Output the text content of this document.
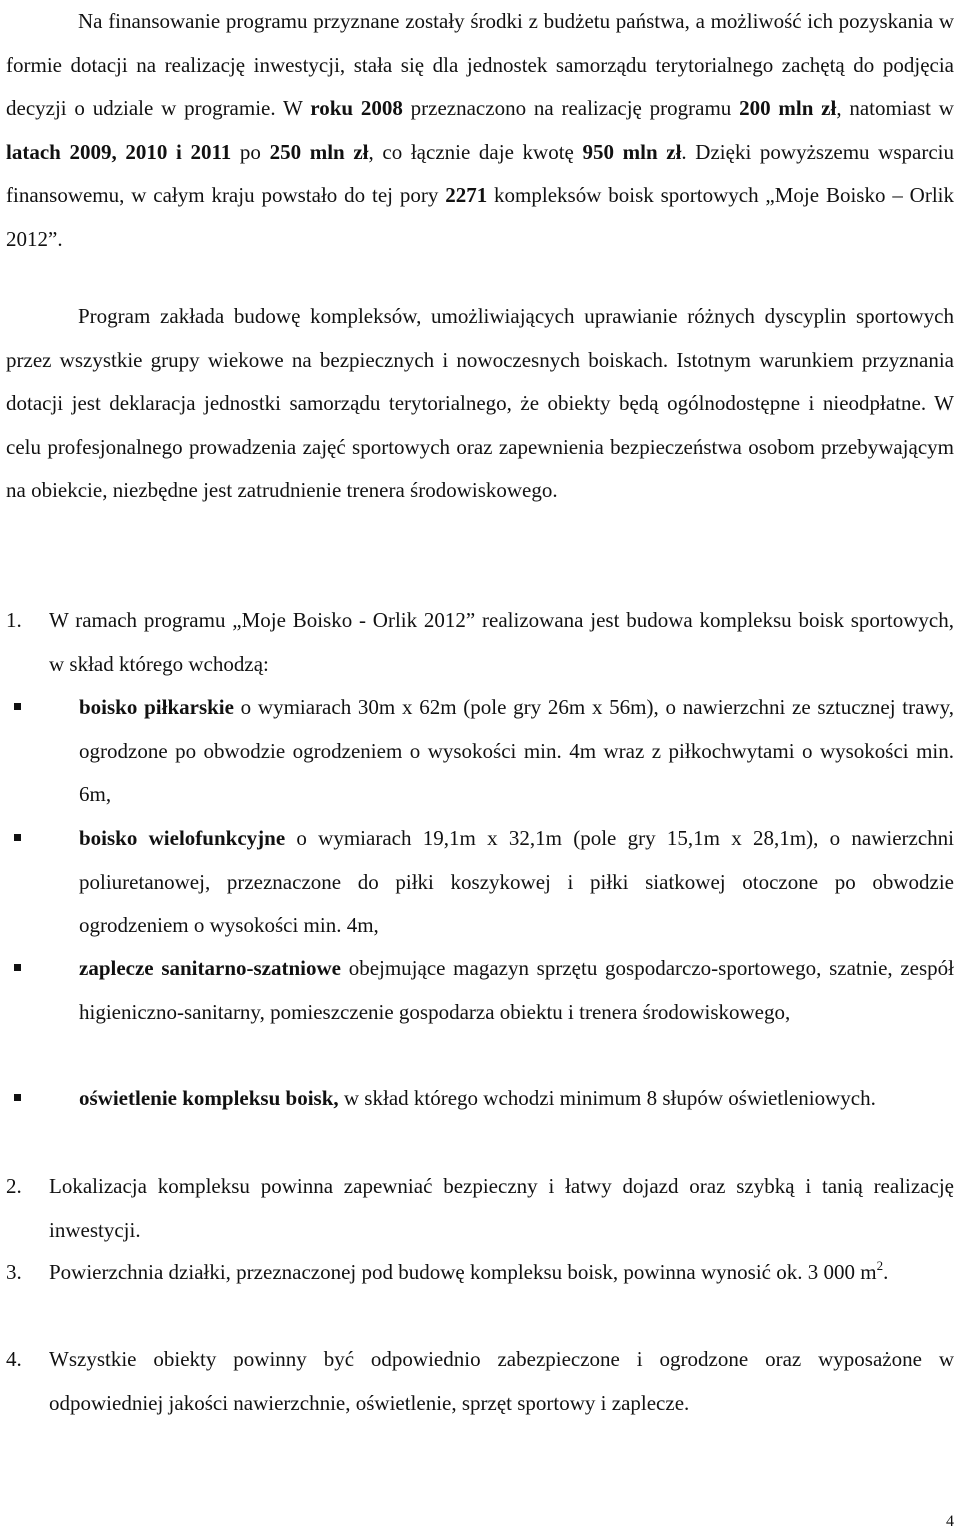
Na finansowanie programu przyznane zostały środki z budżetu państwa, a możliwość ich pozyskania w formie dotacji na realizację inwestycji, stała się dla jednostek samorządu terytorialnego zachętą do podjęcia decyzji o udziale w programie. W roku 2008 przeznaczono na realizację programu 200 mln zł, natomiast w latach 2009, 2010 i 2011 po 250 mln zł, co łącznie daje kwotę 950 mln zł. Dzięki powyższemu wsparciu finansowemu, w całym kraju powstało do tej pory 2271 kompleksów boisk sportowych „Moje Boisko – Orlik 2012”.

Program zakłada budowę kompleksów, umożliwiających uprawianie różnych dyscyplin sportowych przez wszystkie grupy wiekowe na bezpiecznych i nowoczesnych boiskach. Istotnym warunkiem przyznania dotacji jest deklaracja jednostki samorządu terytorialnego, że obiekty będą ogólnodostępne i nieodpłatne. W celu profesjonalnego prowadzenia zajęć sportowych oraz zapewnienia bezpieczeństwa osobom przebywającym na obiekcie, niezbędne jest zatrudnienie trenera środowiskowego.

1. W ramach programu „Moje Boisko - Orlik 2012” realizowana jest budowa kompleksu boisk sportowych, w skład którego wchodzą:
boisko piłkarskie o wymiarach 30m x 62m (pole gry 26m x 56m), o nawierzchni ze sztucznej trawy, ogrodzone po obwodzie ogrodzeniem o wysokości min. 4m wraz z piłkochwytami o wysokości min. 6m,
boisko wielofunkcyjne o wymiarach 19,1m x 32,1m (pole gry 15,1m x 28,1m), o nawierzchni poliuretanowej, przeznaczone do piłki koszykowej i piłki siatkowej otoczone po obwodzie ogrodzeniem o wysokości min. 4m,
zaplecze sanitarno-szatniowe obejmujące magazyn sprzętu gospodarczo-sportowego, szatnie, zespół higieniczno-sanitarny, pomieszczenie gospodarza obiektu i trenera środowiskowego,
oświetlenie kompleksu boisk, w skład którego wchodzi minimum 8 słupów oświetleniowych.
2. Lokalizacja kompleksu powinna zapewniać bezpieczny i łatwy dojazd oraz szybką i tanią realizację inwestycji.
3. Powierzchnia działki, przeznaczonej pod budowę kompleksu boisk, powinna wynosić ok. 3 000 $m^2$.
4. Wszystkie obiekty powinny być odpowiednio zabezpieczone i ogrodzone oraz wyposażone w odpowiedniej jakości nawierzchnie, oświetlenie, sprzęt sportowy i zaplecze.
4
